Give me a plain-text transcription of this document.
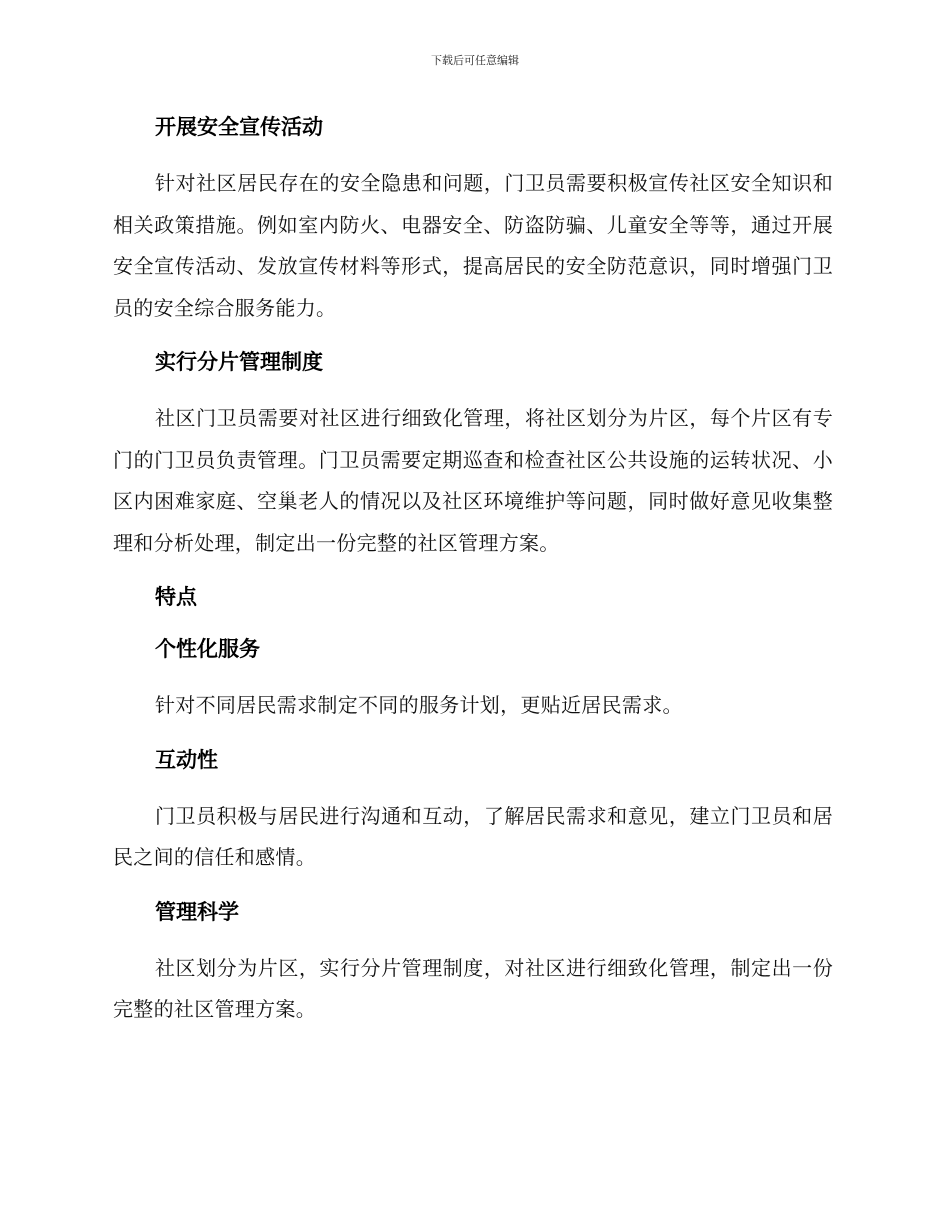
下载后可任意编辑
开展安全宣传活动

针对社区居民存在的安全隐患和问题，门卫员需要积极宣传社区安全知识和相关政策措施。例如室内防火、电器安全、防盗防骗、儿童安全等等，通过开展安全宣传活动、发放宣传材料等形式，提高居民的安全防范意识，同时增强门卫员的安全综合服务能力。

实行分片管理制度

社区门卫员需要对社区进行细致化管理，将社区划分为片区，每个片区有专门的门卫员负责管理。门卫员需要定期巡查和检查社区公共设施的运转状况、小区内困难家庭、空巢老人的情况以及社区环境维护等问题，同时做好意见收集整理和分析处理，制定出一份完整的社区管理方案。

特点
个性化服务

针对不同居民需求制定不同的服务计划，更贴近居民需求。

互动性

门卫员积极与居民进行沟通和互动，了解居民需求和意见，建立门卫员和居民之间的信任和感情。

管理科学

社区划分为片区，实行分片管理制度，对社区进行细致化管理，制定出一份完整的社区管理方案。
